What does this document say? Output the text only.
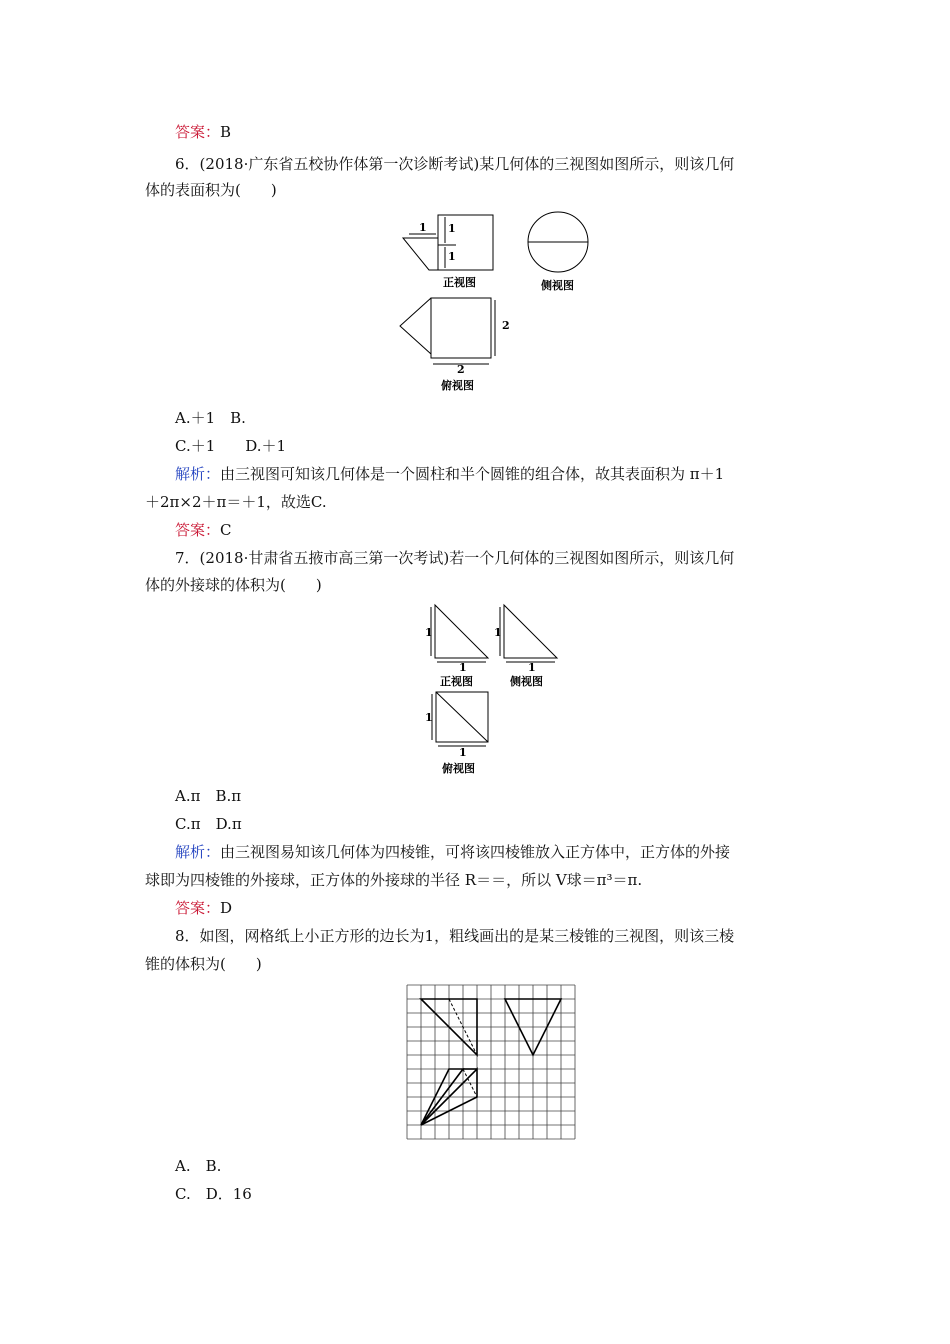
答案：B
6．(2018·广东省五校协作体第一次诊断考试)某几何体的三视图如图所示，则该几何
体的表面积为(　　)
1 1
1
2
2
正视图	侧视图
俯视图
A.＋1　B.
C.＋1　　D.＋1
解析：由三视图可知该几何体是一个圆柱和半个圆锥的组合体，故其表面积为 π＋1
＋2π×2＋π＝＋1，故选C.
答案：C
7．(2018·甘肃省五掖市高三第一次考试)若一个几何体的三视图如图所示，则该几何
体的外接球的体积为(　　)
1
1
1
1
1
1
正视图	侧视图
俯视图
A.π　B.π
C.π　D.π
解析：由三视图易知该几何体为四棱锥，可将该四棱锥放入正方体中，正方体的外接
球即为四棱锥的外接球，正方体的外接球的半径 R＝＝，所以 V球＝π³＝π.
答案：D
8．如图，网格纸上小正方形的边长为1，粗线画出的是某三棱锥的三视图，则该三棱
锥的体积为(　　)
A.　B.
C.　D．16
